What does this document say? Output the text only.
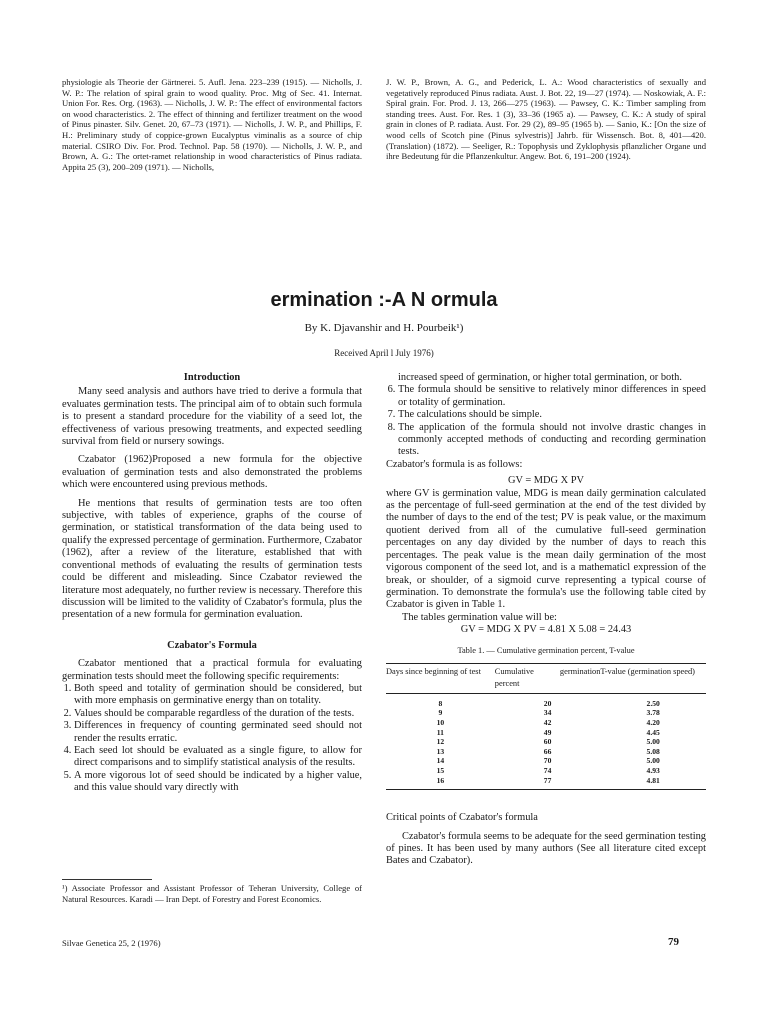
physiologie als Theorie der Gärtnerei. 5. Aufl. Jena. 223–239 (1915). — Nicholls, J. W. P.: The relation of spiral grain to wood quality. Proc. Mtg of Sec. 41. Internat. Union For. Res. Org. (1963). — Nicholls, J. W. P.: The effect of environmental factors on wood characteristics. 2. The effect of thinning and fertilizer treatment on the wood of Pinus pinaster. Silv. Genet. 20, 67–73 (1971). — Nicholls, J. W. P., and Phillips, F. H.: Preliminary study of coppice-grown Eucalyptus viminalis as a source of chip material. CSIRO Div. For. Prod. Technol. Pap. 58 (1970). — Nicholls, J. W. P., and Brown, A. G.: The ortet-ramet relationship in wood characteristics of Pinus radiata. Appita 25 (3), 200–209 (1971). — Nicholls,

J. W. P., Brown, A. G., and Pederick, L. A.: Wood characteristics of sexually and vegetatively reproduced Pinus radiata. Aust. J. Bot. 22, 19—27 (1974). — Noskowiak, A. F.: Spiral grain. For. Prod. J. 13, 266—275 (1963). — Pawsey, C. K.: Timber sampling from standing trees. Aust. For. Res. 1 (3), 33–36 (1965 a). — Pawsey, C. K.: A study of spiral grain in clones of P. radiata. Aust. For. 29 (2), 89–95 (1965 b). — Sanio, K.: [On the size of wood cells of Scotch pine (Pinus sylvestris)] Jahrb. für Wissensch. Bot. 8, 401—420. (Translation) (1872). — Seeliger, R.: Topophysis und Zyklophysis pflanzlicher Organe und ihre Bedeutung für die Pflanzenkultur. Angew. Bot. 6, 191–200 (1924).

ermination :-A N ormula
By K. Djavanshir and H. Pourbeik¹)
Received April l July 1976)
Introduction

Many seed analysis and authors have tried to derive a formula that evaluates germination tests. The principal aim of to obtain such formula is to present a standard procedure for the viability of a seed lot, the effectiveness of various presowing treatments, and expected seedling survival from field or nursery sowings.

Czabator (1962)Proposed a new formula for the objective evaluation of germination tests and also demonstrated the problems which were encountered using previous methods.

He mentions that results of germination tests are too often subjective, with tables of experience, graphs of the course of germination, or statistical transformation of the data being used to qualify the expressed percentage of germination. Furthermore, Czabator (1962), after a review of the literature, established that with conventional methods of evaluating the results of germination tests could be different and misleading. Since Czabator reviewed the literature most adequately, no further review is necessary. Therefore this discussion will be limited to the validity of Czabator's formula, plus the presentation of a new formula for germination evaluation.

Czabator's Formula

Czabator mentioned that a practical formula for evaluating germination tests should meet the following specific requirements:

1. Both speed and totality of germination should be considered, but with more emphasis on germinative energy than on totality.
2. Values should be comparable regardless of the duration of the tests.
3. Differences in frequency of counting germinated seed should not render the results erratic.
4. Each seed lot should be evaluated as a single figure, to allow for direct comparisons and to simplify statistical analysis of the results.
5. A more vigorous lot of seed should be indicated by a higher value, and this value should vary directly with

increased speed of germination, or higher total germination, or both.

6. The formula should be sensitive to relatively minor differences in speed or totality of germination.
7. The calculations should be simple.
8. The application of the formula should not involve drastic changes in commonly accepted methods of conducting and recording germination tests.

Czabator's formula is as follows:

GV = MDG X PV

where GV is germination value, MDG is mean daily germination calculated as the percentage of full-seed germination at the end of the test divided by the number of days to the end of the test; PV is peak value, or the maximum quotient derived from all of the cumulative full-seed germination percentages on any day divided by the number of days to reach this percentages. The peak value is the mean daily germination of the most vigorous component of the seed lot, and is a mathematicl expression of the break, or shoulder, of a sigmoid curve representing a typical course of germination. To demonstrate the formula's use the following table cited by Czabator is given in Table 1.

The tables germination value will be:

GV = MDG X PV = 4.81 X 5.08 = 24.43

Table 1. — Cumulative germination percent, T-value

Days since beginning of test	Cumulative germination percent	T-value (germination speed)
8	20	2.50
9	34	3.78
10	42	4.20
11	49	4.45
12	60	5.00
13	66	5.08
14	70	5.00
15	74	4.93
16	77	4.81

Critical points of Czabator's formula

Czabator's formula seems to be adequate for the seed germination testing of pines. It has been used by many authors (See all literature cited except Bates and Czabator).

¹) Associate Professor and Assistant Professor of Teheran University, College of Natural Resources. Karadi — Iran Dept. of Forestry and Forest Economics.
Silvae Genetica 25, 2 (1976)	79
